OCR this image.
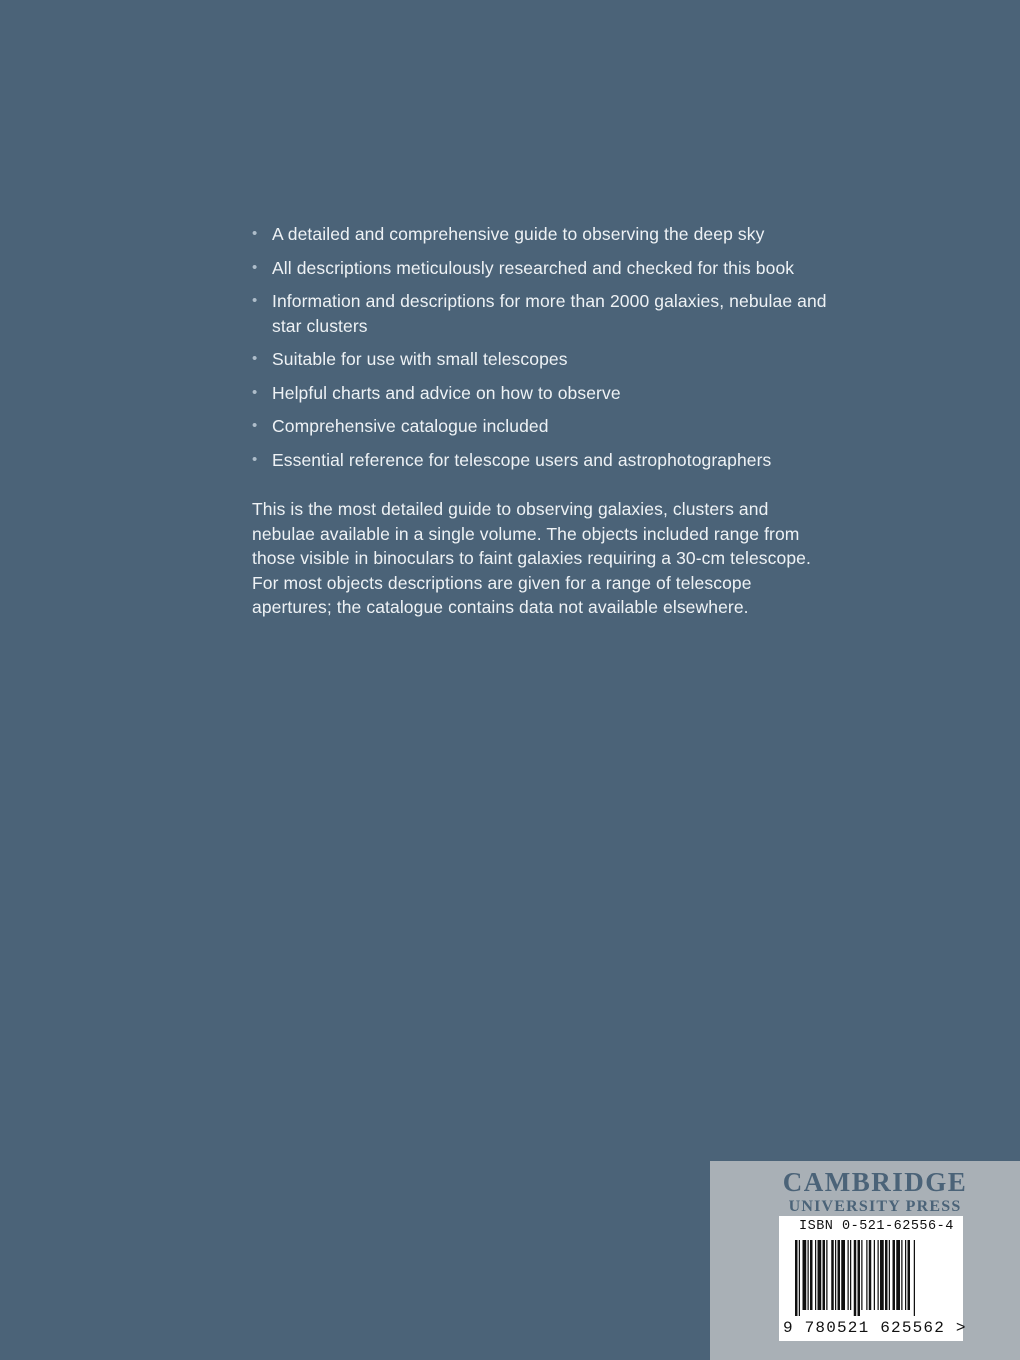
• A detailed and comprehensive guide to observing the deep sky
• All descriptions meticulously researched and checked for this book
• Information and descriptions for more than 2000 galaxies, nebulae and star clusters
• Suitable for use with small telescopes
• Helpful charts and advice on how to observe
• Comprehensive catalogue included
• Essential reference for telescope users and astrophotographers

This is the most detailed guide to observing galaxies, clusters and nebulae available in a single volume. The objects included range from those visible in binoculars to faint galaxies requiring a 30-cm telescope. For most objects descriptions are given for a range of telescope apertures; the catalogue contains data not available elsewhere.

CAMBRIDGE
UNIVERSITY PRESS
ISBN 0-521-62556-4
9 780521 625562 >
